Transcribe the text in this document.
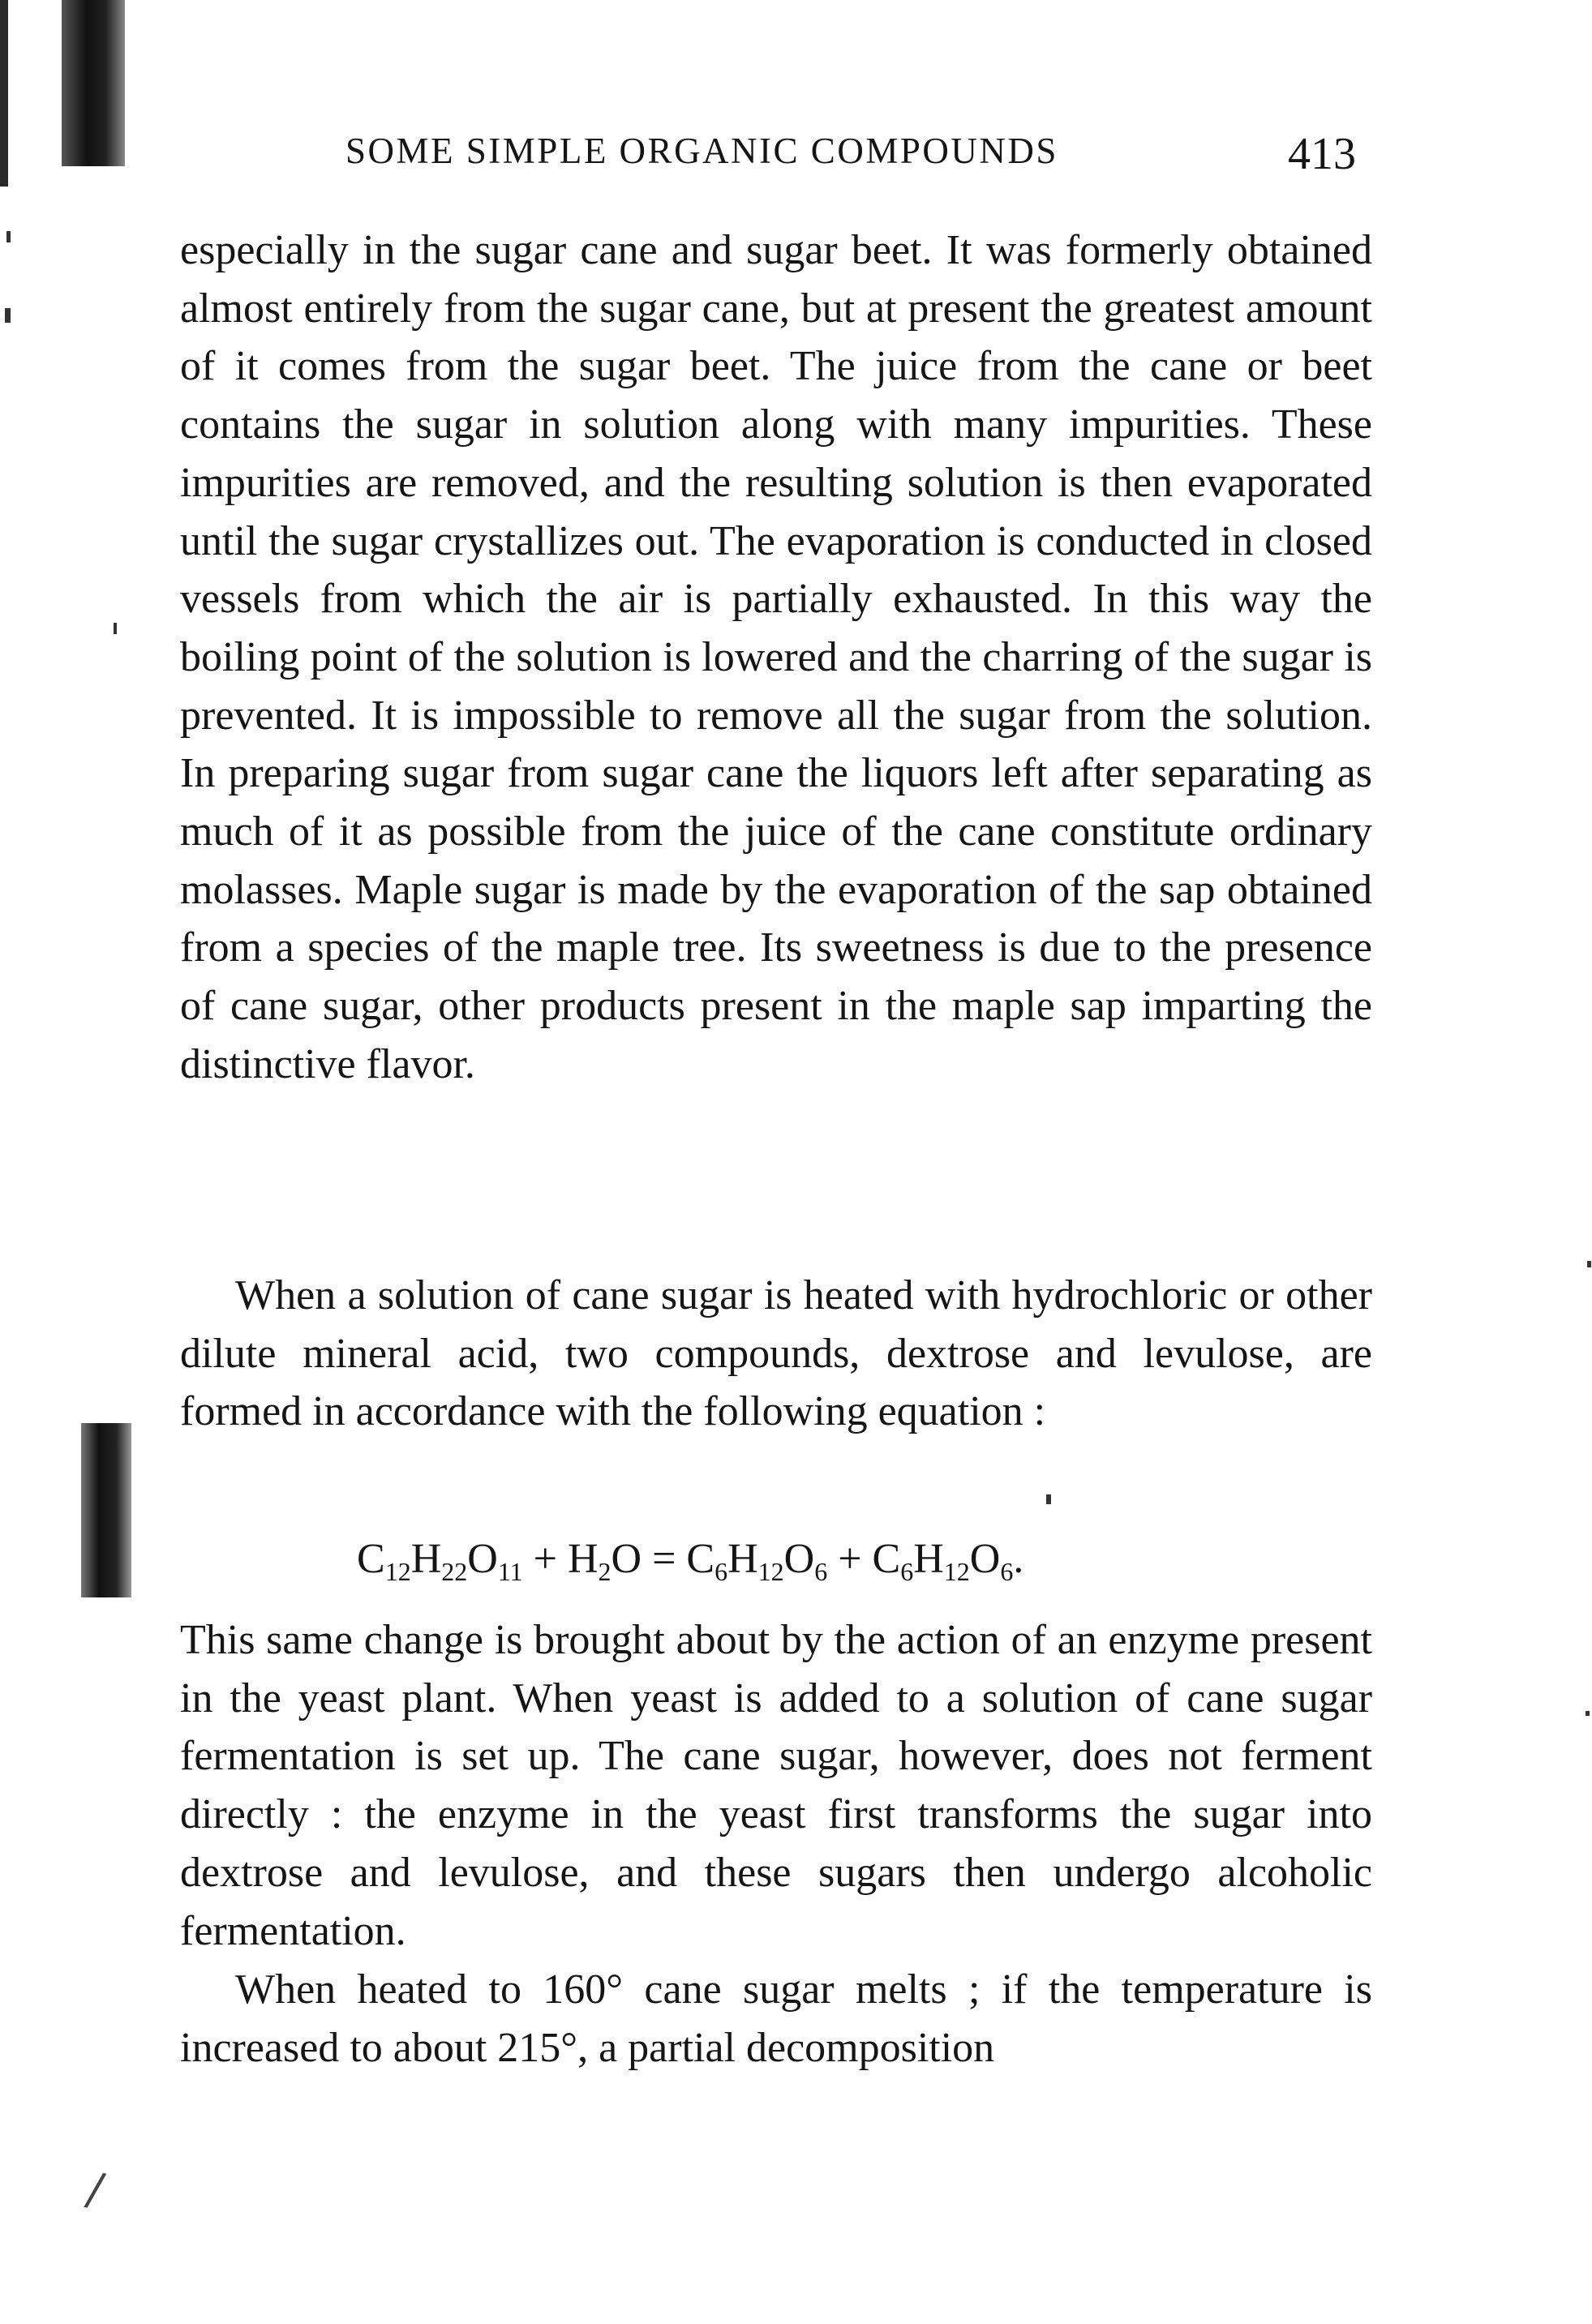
/
SOME SIMPLE ORGANIC COMPOUNDS	413

especially in the sugar cane and sugar beet. It was formerly obtained almost entirely from the sugar cane, but at present the greatest amount of it comes from the sugar beet. The juice from the cane or beet contains the sugar in solution along with many impurities. These impurities are removed, and the resulting solution is then evaporated until the sugar crystallizes out. The evaporation is conducted in closed vessels from which the air is partially exhausted. In this way the boiling point of the solution is lowered and the charring of the sugar is prevented. It is impossible to remove all the sugar from the solution. In preparing sugar from sugar cane the liquors left after separating as much of it as possible from the juice of the cane constitute ordinary molasses. Maple sugar is made by the evaporation of the sap obtained from a species of the maple tree. Its sweetness is due to the presence of cane sugar, other products present in the maple sap imparting the distinctive flavor.

When a solution of cane sugar is heated with hydrochloric or other dilute mineral acid, two compounds, dextrose and levulose, are formed in accordance with the following equation :

$C_{12}H_{22}O_{11} + H_2O = C_6H_{12}O_6 + C_6H_{12}O_6$.

This same change is brought about by the action of an enzyme present in the yeast plant. When yeast is added to a solution of cane sugar fermentation is set up. The cane sugar, however, does not ferment directly : the enzyme in the yeast first transforms the sugar into dextrose and levulose, and these sugars then undergo alcoholic fermentation.

When heated to 160° cane sugar melts ; if the temperature is increased to about 215°, a partial decomposition
